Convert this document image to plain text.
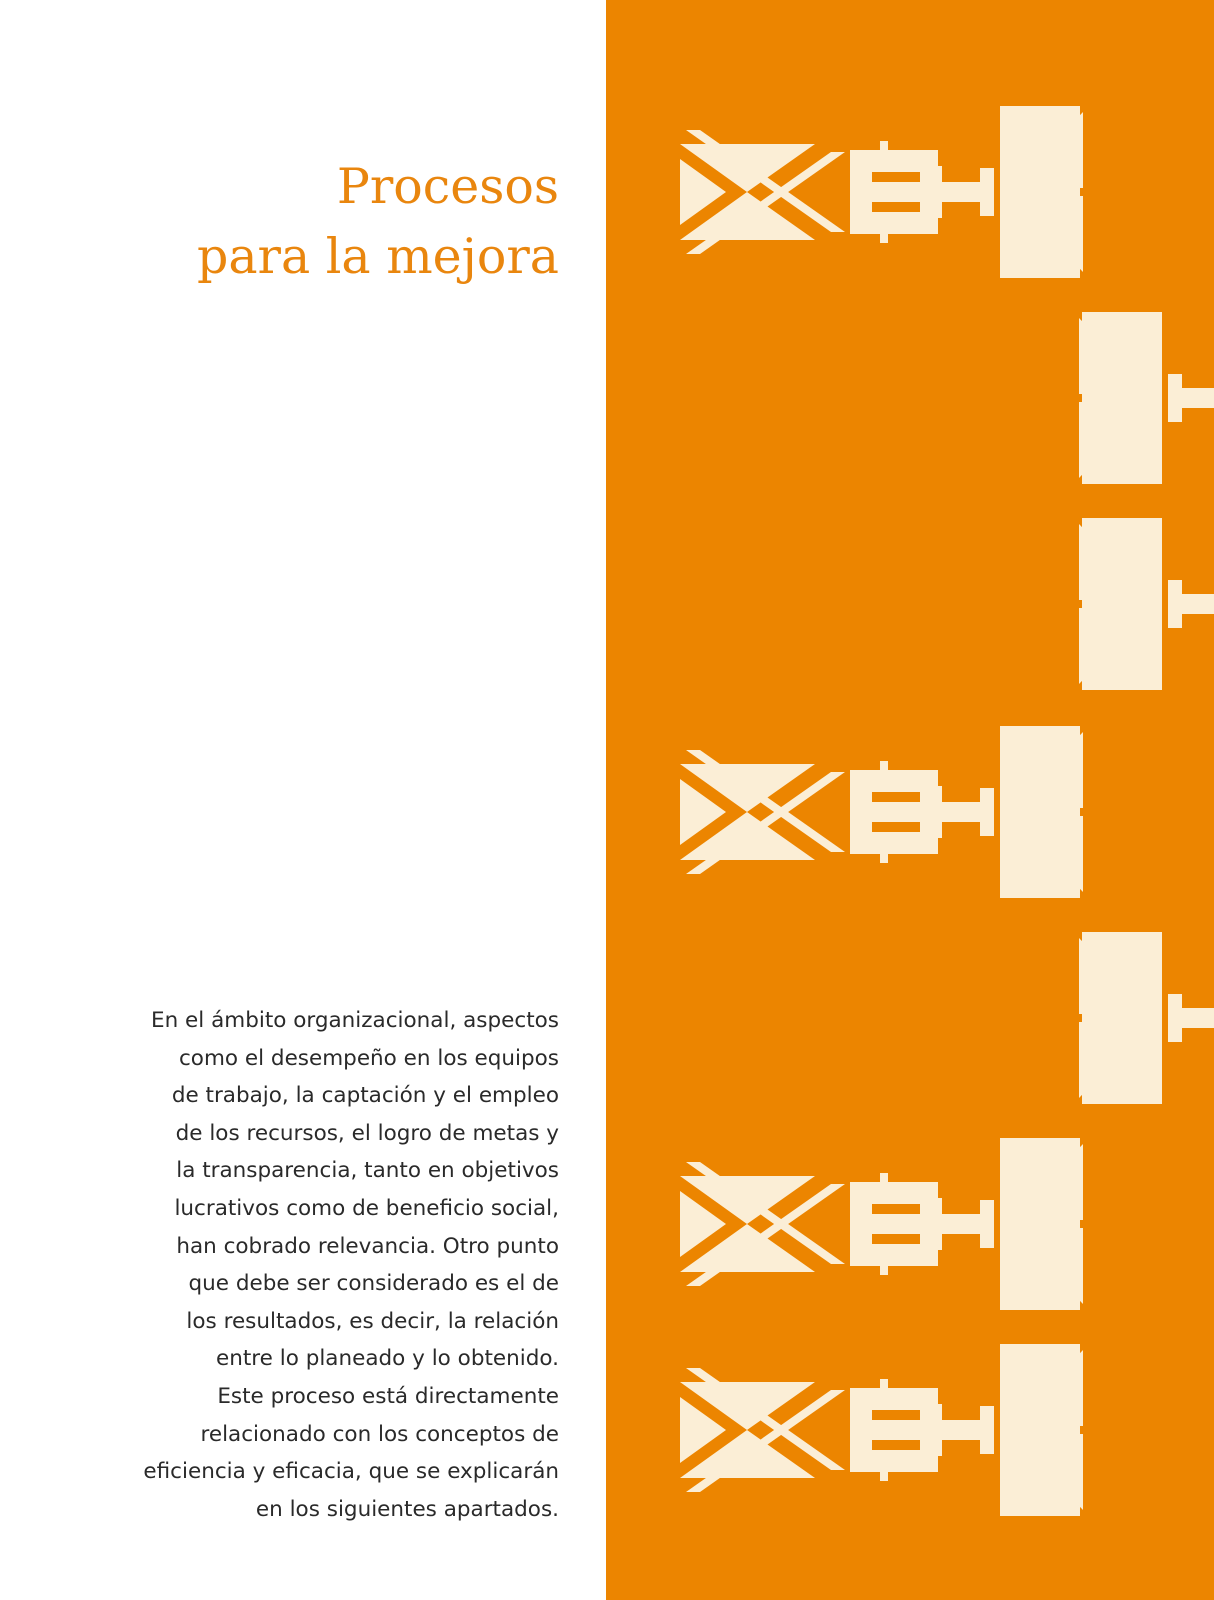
Procesos
para la mejora

En el ámbito organizacional, aspectos
como el desempeño en los equipos
de trabajo, la captación y el empleo
de los recursos, el logro de metas y
la transparencia, tanto en objetivos
lucrativos como de beneficio social,
han cobrado relevancia. Otro punto
que debe ser considerado es el de
los resultados, es decir, la relación
entre lo planeado y lo obtenido.
Este proceso está directamente
relacionado con los conceptos de
eficiencia y eficacia, que se explicarán
en los siguientes apartados.
